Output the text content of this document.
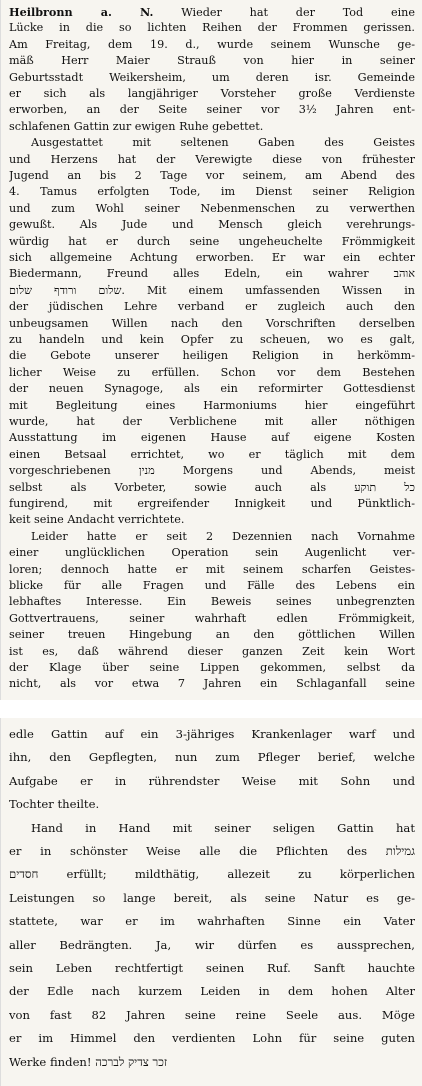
Heilbronn a. N. Wieder hat der Tod eine
Lücke in die so lichten Reihen der Frommen gerissen.
Am Freitag, dem 19. d., wurde seinem Wunsche ge-
mäß Herr Maier Strauß von hier in seiner
Geburtsstadt Weikersheim, um deren isr. Gemeinde
er sich als langjähriger Vorsteher große Verdienste
erworben, an der Seite seiner vor 3½ Jahren ent-
schlafenen Gattin zur ewigen Ruhe gebettet.
Ausgestattet mit seltenen Gaben des Geistes
und Herzens hat der Verewigte diese von frühester
Jugend an bis 2 Tage vor seinem, am Abend des
4. Tamus erfolgten Tode, im Dienst seiner Religion
und zum Wohl seiner Nebenmenschen zu verwerthen
gewußt. Als Jude und Mensch gleich verehrungs-
würdig hat er durch seine ungeheuchelte Frömmigkeit
sich allgemeine Achtung erworben. Er war ein echter
Biedermann, Freund alles Edeln, ein wahrer אוהב
שלום ורודף שלום. Mit einem umfassenden Wissen in
der jüdischen Lehre verband er zugleich auch den
unbeugsamen Willen nach den Vorschriften derselben
zu handeln und kein Opfer zu scheuen, wo es galt,
die Gebote unserer heiligen Religion in herkömm-
licher Weise zu erfüllen. Schon vor dem Bestehen
der neuen Synagoge, als ein reformirter Gottesdienst
mit Begleitung eines Harmoniums hier eingeführt
wurde, hat der Verblichene mit aller nöthigen
Ausstattung im eigenen Hause auf eigene Kosten
einen Betsaal errichtet, wo er täglich mit dem
vorgeschriebenen מנין Morgens und Abends, meist
selbst als Vorbeter, sowie auch als כל תוקע
fungirend, mit ergreifender Innigkeit und Pünktlich-
keit seine Andacht verrichtete.
Leider hatte er seit 2 Dezennien nach Vornahme
einer unglücklichen Operation sein Augenlicht ver-
loren; dennoch hatte er mit seinem scharfen Geistes-
blicke für alle Fragen und Fälle des Lebens ein
lebhaftes Interesse. Ein Beweis seines unbegrenzten
Gottvertrauens, seiner wahrhaft edlen Frömmigkeit,
seiner treuen Hingebung an den göttlichen Willen
ist es, daß während dieser ganzen Zeit kein Wort
der Klage über seine Lippen gekommen, selbst da
nicht, als vor etwa 7 Jahren ein Schlaganfall seine
edle Gattin auf ein 3-jähriges Krankenlager warf und
ihn, den Gepflegten, nun zum Pfleger berief, welche
Aufgabe er in rührendster Weise mit Sohn und
Tochter theilte.
Hand in Hand mit seiner seligen Gattin hat
er in schönster Weise alle die Pflichten des גמילות
חסדים erfüllt; mildthätig, allezeit zu körperlichen
Leistungen so lange bereit, als seine Natur es ge-
stattete, war er im wahrhaften Sinne ein Vater
aller Bedrängten. Ja, wir dürfen es aussprechen,
sein Leben rechtfertigt seinen Ruf. Sanft hauchte
der Edle nach kurzem Leiden in dem hohen Alter
von fast 82 Jahren seine reine Seele aus. Möge
er im Himmel den verdienten Lohn für seine guten
Werke finden! זכר צדיק לברכה
